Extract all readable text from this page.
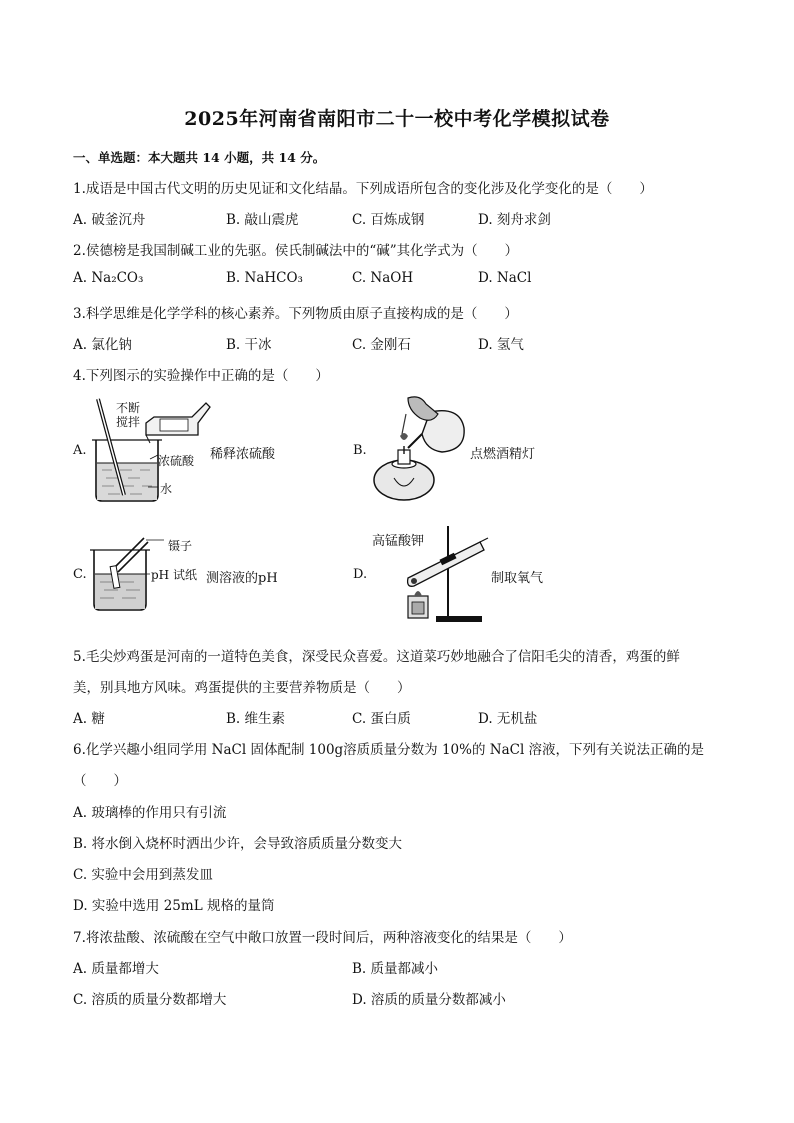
2025年河南省南阳市二十一校中考化学模拟试卷
一、单选题：本大题共 14 小题，共 14 分。
1.成语是中国古代文明的历史见证和文化结晶。下列成语所包含的变化涉及化学变化的是（　　）
A. 破釜沉舟	B. 敲山震虎	C. 百炼成钢	D. 刻舟求剑
2.侯德榜是我国制碱工业的先驱。侯氏制碱法中的“碱”其化学式为（　　）
A. Na₂CO₃	B. NaHCO₃	C. NaOH	D. NaCl
3.科学思维是化学学科的核心素养。下列物质由原子直接构成的是（　　）
A. 氯化钠	B. 干冰	C. 金刚石	D. 氢气
4.下列图示的实验操作中正确的是（　　）
A.
不断
搅拌
浓硫酸
水
稀释浓硫酸	B.	点燃酒精灯
C.
镊子
pH 试纸 测溶液的pH	D.
高锰酸钾
制取氧气
5.毛尖炒鸡蛋是河南的一道特色美食，深受民众喜爱。这道菜巧妙地融合了信阳毛尖的清香，鸡蛋的鲜
美，别具地方风味。鸡蛋提供的主要营养物质是（　　）
A. 糖	B. 维生素	C. 蛋白质	D. 无机盐
6.化学兴趣小组同学用 NaCl 固体配制 100g溶质质量分数为 10%的 NaCl 溶液，下列有关说法正确的是
（　　）
A. 玻璃棒的作用只有引流
B. 将水倒入烧杯时洒出少许，会导致溶质质量分数变大
C. 实验中会用到蒸发皿
D. 实验中选用 25mL 规格的量筒
7.将浓盐酸、浓硫酸在空气中敞口放置一段时间后，两种溶液变化的结果是（　　）
A. 质量都增大	B. 质量都减小
C. 溶质的质量分数都增大	D. 溶质的质量分数都减小
